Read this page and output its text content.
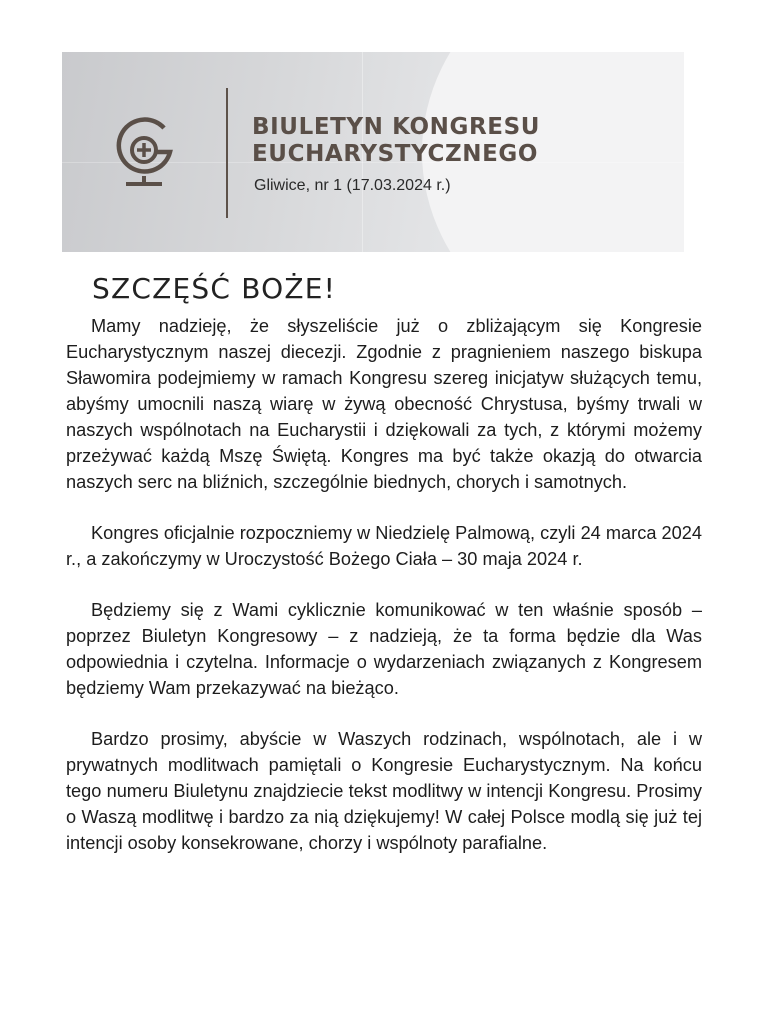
BIULETYN KONGRESU
EUCHARYSTYCZNEGO
Gliwice, nr 1 (17.03.2024 r.)
SZCZĘŚĆ BOŻE!

Mamy nadzieję, że słyszeliście już o zbliżającym się Kongresie Eucharystycznym naszej diecezji. Zgodnie z pragnieniem naszego biskupa Sławomira podejmiemy w ramach Kongresu szereg inicjatyw służących temu, abyśmy umocnili naszą wiarę w żywą obecność Chrystusa, byśmy trwali w naszych wspólnotach na Eucharystii i dziękowali za tych, z którymi możemy przeżywać każdą Mszę Świętą. Kongres ma być także okazją do otwarcia naszych serc na bliźnich, szczególnie biednych, chorych i samotnych.

Kongres oficjalnie rozpoczniemy w Niedzielę Palmową, czyli 24 marca 2024 r., a zakończymy w Uroczystość Bożego Ciała – 30 maja 2024 r.

Będziemy się z Wami cyklicznie komunikować w ten właśnie sposób – poprzez Biuletyn Kongresowy – z nadzieją, że ta forma będzie dla Was odpowiednia i czytelna. Informacje o wydarzeniach związanych z Kongresem będziemy Wam przekazywać na bieżąco.

Bardzo prosimy, abyście w Waszych rodzinach, wspólnotach, ale i w prywatnych modlitwach pamiętali o Kongresie Eucharystycznym. Na końcu tego numeru Biuletynu znajdziecie tekst modlitwy w intencji Kongresu. Prosimy o Waszą modlitwę i bardzo za nią dziękujemy! W całej Polsce modlą się już tej intencji osoby konsekrowane, chorzy i wspólnoty parafialne.
